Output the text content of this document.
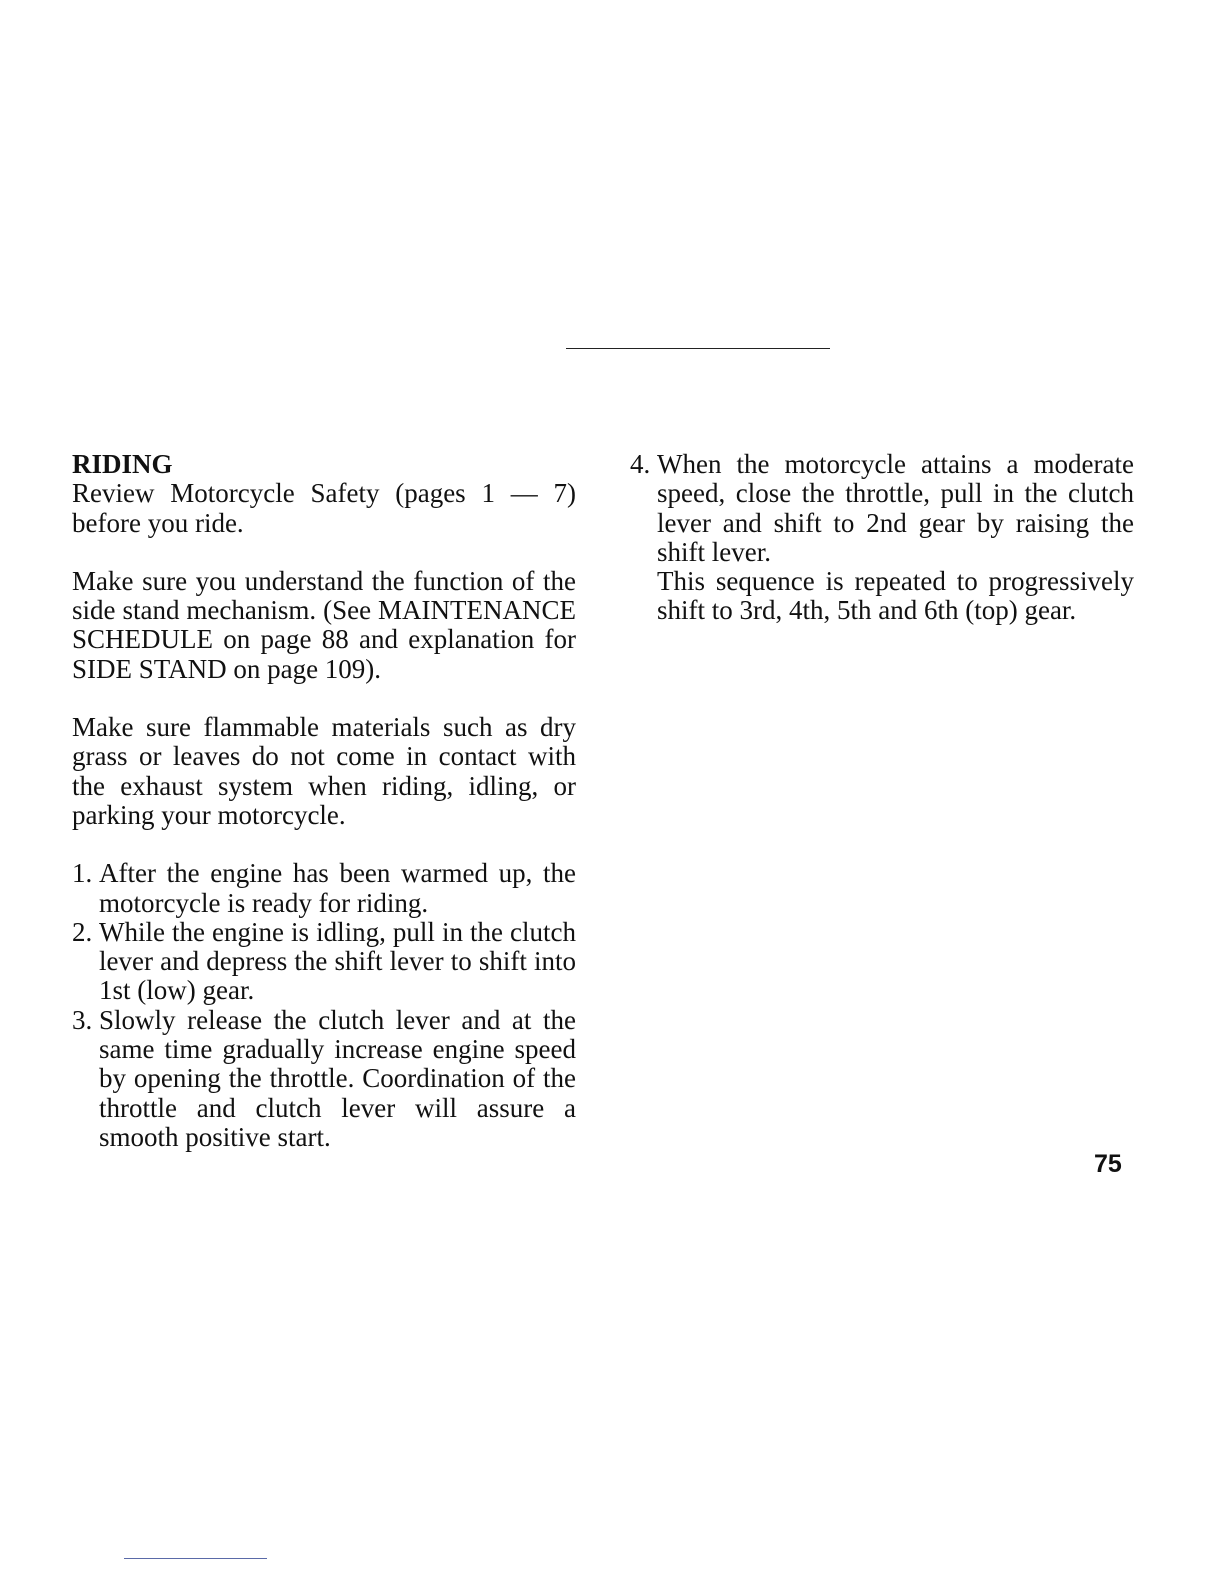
RIDING

Review Motorcycle Safety (pages 1 — 7) before you ride.

Make sure you understand the function of the side stand mechanism. (See MAINTENANCE SCHEDULE on page 88 and explanation for SIDE STAND on page 109).

Make sure flammable materials such as dry grass or leaves do not come in contact with the exhaust system when riding, idling, or parking your motorcycle.

1. After the engine has been warmed up, the motorcycle is ready for riding.
2. While the engine is idling, pull in the clutch lever and depress the shift lever to shift into 1st (low) gear.
3. Slowly release the clutch lever and at the same time gradually increase engine speed by opening the throttle. Coordination of the throttle and clutch lever will assure a smooth positive start.
4. When the motorcycle attains a moderate speed, close the throttle, pull in the clutch lever and shift to 2nd gear by raising the shift lever.
This sequence is repeated to progressively shift to 3rd, 4th, 5th and 6th (top) gear.
75
